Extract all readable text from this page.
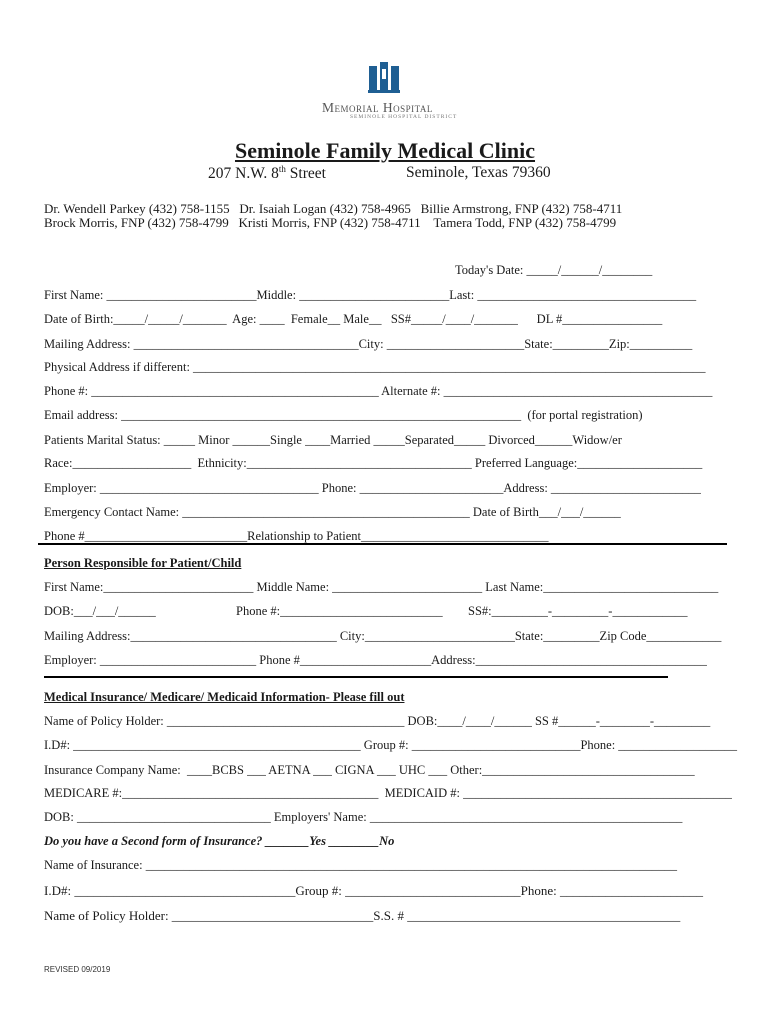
Memorial Hospital
SEMINOLE HOSPITAL DISTRICT
Seminole Family Medical Clinic
207 N.W. 8th Street	Seminole, Texas 79360
Dr. Wendell Parkey (432) 758-1155   Dr. Isaiah Logan (432) 758-4965   Billie Armstrong, FNP (432) 758-4711
Brock Morris, FNP (432) 758-4799   Kristi Morris, FNP (432) 758-4711    Tamera Todd, FNP (432) 758-4799
Today's Date: _____/______/________
First Name: ________________________Middle: ________________________Last: ___________________________________
Date of Birth:_____/_____/_______  Age: ____  Female__ Male__   SS#_____/____/_______      DL #________________
Mailing Address: ____________________________________City: ______________________State:_________Zip:__________
Physical Address if different: __________________________________________________________________________________
Phone #: ______________________________________________ Alternate #: ___________________________________________
Email address: ________________________________________________________________  (for portal registration)
Patients Marital Status: _____ Minor ______Single ____Married _____Separated_____ Divorced______Widow/er
Race:___________________  Ethnicity:____________________________________ Preferred Language:____________________
Employer: ___________________________________ Phone: _______________________Address: ________________________
Emergency Contact Name: ______________________________________________ Date of Birth___/___/______
Phone #__________________________Relationship to Patient______________________________
Person Responsible for Patient/Child
First Name:________________________ Middle Name: ________________________ Last Name:____________________________
DOB:___/___/______	Phone #:__________________________ SS#:_________-_________-____________
Mailing Address:_________________________________ City:________________________State:_________Zip Code____________
Employer: _________________________ Phone #_____________________Address:_____________________________________
Medical Insurance/ Medicare/ Medicaid Information- Please fill out
Name of Policy Holder: ______________________________________ DOB:____/____/______ SS #______-________-_________
I.D#: ______________________________________________ Group #: ___________________________Phone: ___________________
Insurance Company Name:  ____BCBS ___ AETNA ___ CIGNA ___ UHC ___ Other:__________________________________
MEDICARE #:_________________________________________  MEDICAID #: ___________________________________________
DOB: _______________________________ Employers' Name: __________________________________________________
Do you have a Second form of Insurance? _______Yes ________No
Name of Insurance: _____________________________________________________________________________________
I.D#: __________________________________Group #: ___________________________Phone: ______________________
Name of Policy Holder: _______________________________S.S. # __________________________________________
REVISED 09/2019
